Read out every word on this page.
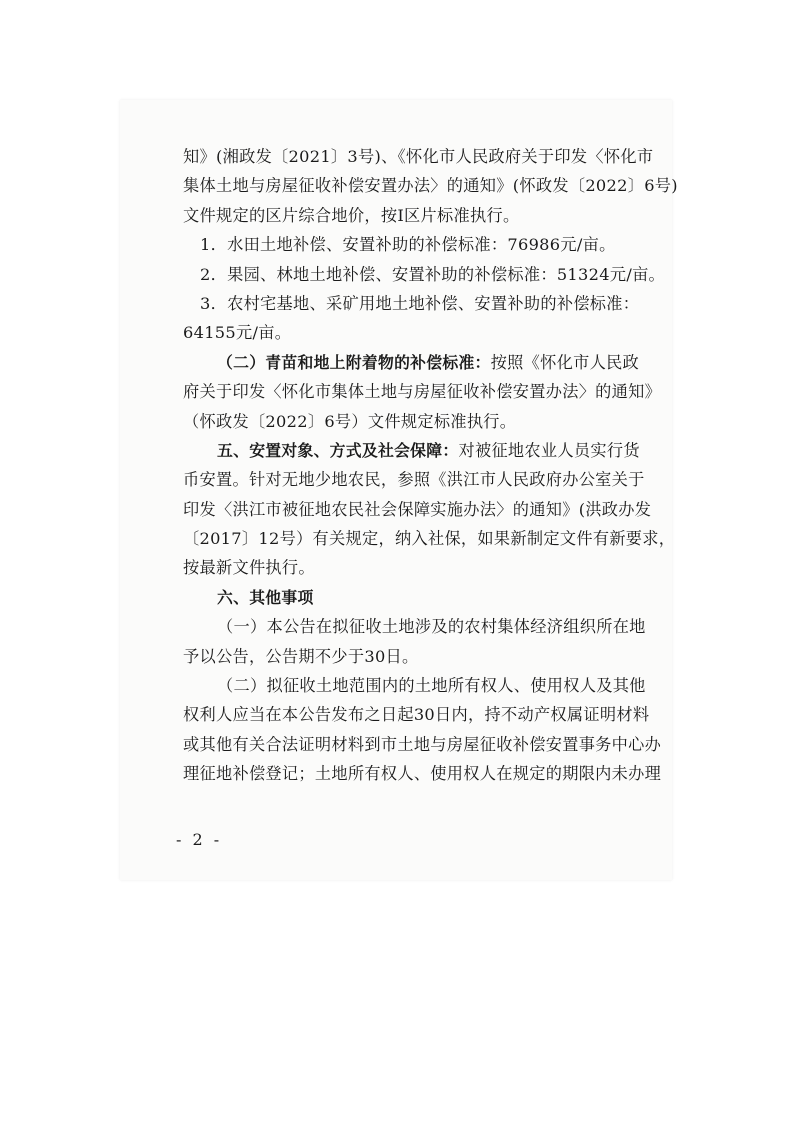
知》(湘政发〔2021〕3号)、《怀化市人民政府关于印发〈怀化市
集体土地与房屋征收补偿安置办法〉的通知》(怀政发〔2022〕6号)
文件规定的区片综合地价，按Ⅰ区片标准执行。
1．水田土地补偿、安置补助的补偿标准：76986元/亩。
2．果园、林地土地补偿、安置补助的补偿标准：51324元/亩。
3．农村宅基地、采矿用地土地补偿、安置补助的补偿标准：
64155元/亩。
（二）青苗和地上附着物的补偿标准：按照《怀化市人民政
府关于印发〈怀化市集体土地与房屋征收补偿安置办法〉的通知》
（怀政发〔2022〕6号）文件规定标准执行。
五、安置对象、方式及社会保障：对被征地农业人员实行货
币安置。针对无地少地农民，参照《洪江市人民政府办公室关于
印发〈洪江市被征地农民社会保障实施办法〉的通知》(洪政办发
〔2017〕12号）有关规定，纳入社保，如果新制定文件有新要求，
按最新文件执行。
六、其他事项
（一）本公告在拟征收土地涉及的农村集体经济组织所在地
予以公告，公告期不少于30日。
（二）拟征收土地范围内的土地所有权人、使用权人及其他
权利人应当在本公告发布之日起30日内，持不动产权属证明材料
或其他有关合法证明材料到市土地与房屋征收补偿安置事务中心办
理征地补偿登记；土地所有权人、使用权人在规定的期限内未办理
- 2 -
